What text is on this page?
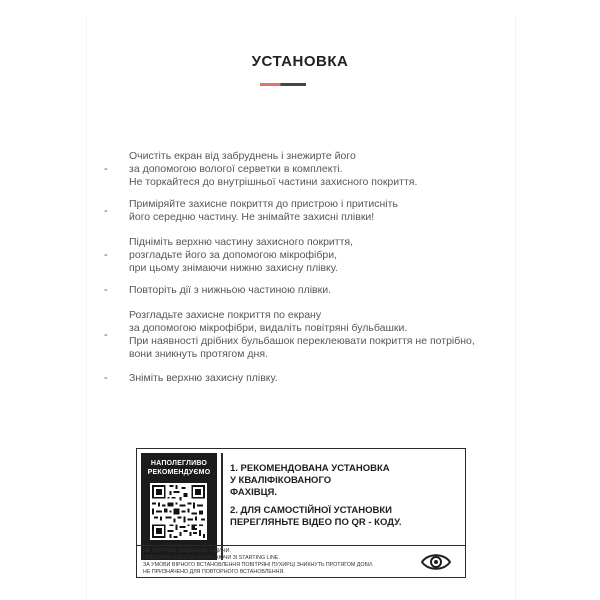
УСТАНОВКА
-
Очистіть екран від забруднень і знежирте його
за допомогою вологої серветки в комплекті.
Не торкайтеся до внутрішньої частини захисного покриття.
-
Приміряйте захисне покриття до пристрою і притисніть
його середню частину. Не знімайте захисні плівки!
-
Підніміть верхню частину захисного покриття,
розгладьте його за допомогою мікрофібри,
при цьому знімаючи нижню захисну плівку.
- Повторіть дії з нижньою частиною плівки.
-
Розгладьте захисне покриття по екрану
за допомогою мікрофібри, видаліть повітряні бульбашки.
При наявності дрібних бульбашок переклеювати покриття не потрібно,
вони зникнуть протягом дня.
- Зніміть верхню захисну плівку.
НАПОЛЕГЛИВО
РЕКОМЕНДУЄМО	1. РЕКОМЕНДОВАНА УСТАНОВКА
У КВАЛІФІКОВАНОГО
ФАХІВЦЯ.
2. ДЛЯ САМОСТІЙНОЇ УСТАНОВКИ
ПЕРЕГЛЯНЬТЕ ВІДЕО ПО QR - КОДУ.
НЕ ПОТРІБНІ ДОДАТКОВІ РІДИНИ.
ПОКЛЕЙКУ РОБИТИ ПОЧИНАЮЧИ ЗІ STARTING LINE.
ЗА УМОВИ ВІРНОГО ВСТАНОВЛЕННЯ ПОВІТРЯНІ ПУХИРЦІ ЗНИКНУТЬ ПРОТЯГОМ ДОБИ.
НЕ ПРИЗНАЧЕНО ДЛЯ ПОВТОРНОГО ВСТАНОВЛЕННЯ.
